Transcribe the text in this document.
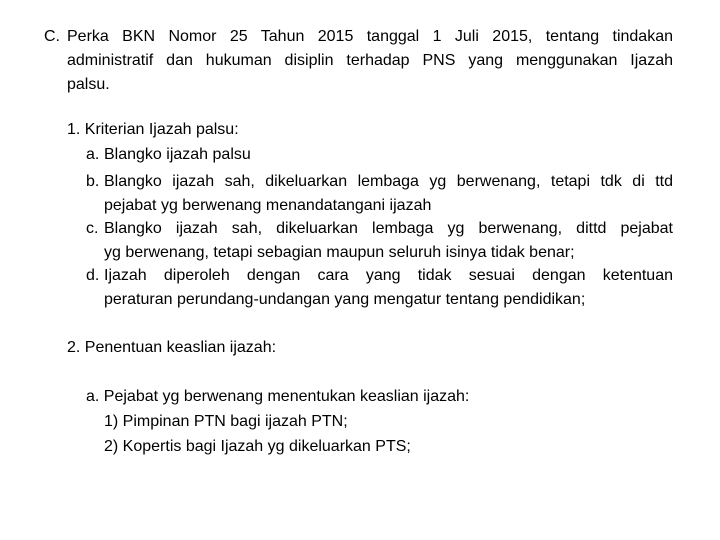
C. Perka BKN Nomor 25 Tahun 2015 tanggal 1 Juli 2015, tentang tindakan
administratif dan hukuman disiplin terhadap PNS yang menggunakan Ijazah
palsu.
1. Kriterian Ijazah palsu:
a. Blangko ijazah palsu
b. Blangko ijazah sah, dikeluarkan lembaga yg berwenang, tetapi tdk di ttd
pejabat yg berwenang menandatangani ijazah
c. Blangko ijazah sah, dikeluarkan lembaga yg berwenang, dittd pejabat
yg berwenang, tetapi sebagian maupun seluruh isinya tidak benar;
d. Ijazah diperoleh dengan cara yang tidak sesuai dengan ketentuan
peraturan perundang-undangan yang mengatur tentang pendidikan;
2. Penentuan keaslian ijazah:
a. Pejabat yg berwenang menentukan keaslian ijazah:
1) Pimpinan PTN bagi ijazah PTN;
2) Kopertis bagi Ijazah yg dikeluarkan PTS;
